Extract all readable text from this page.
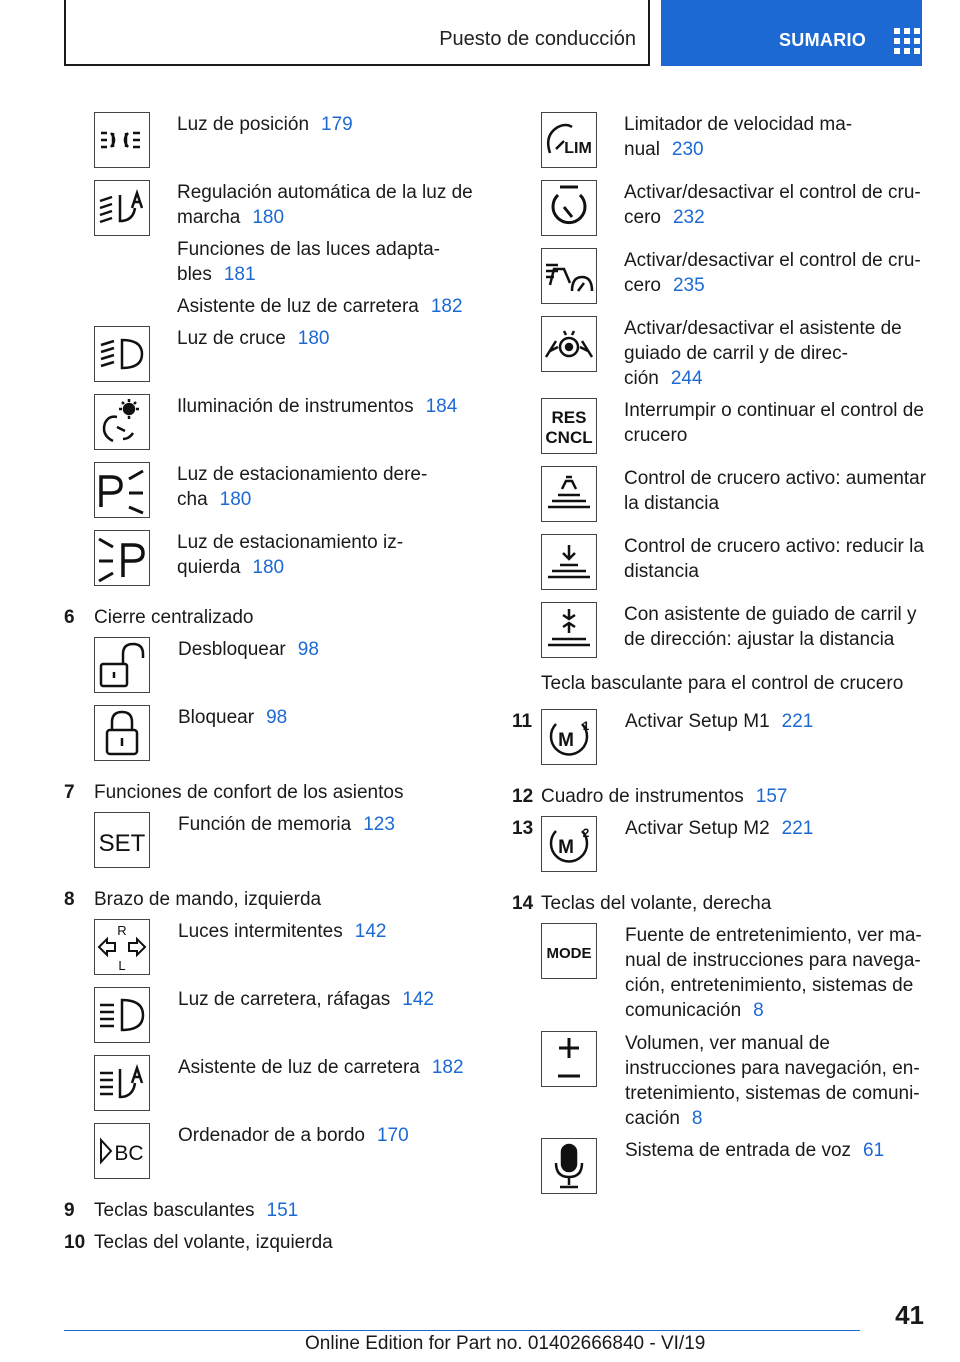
Puesto de conducción	SUMARIO
Luz de posición 179
Regulación automática de la luz de marcha 180
Funciones de las luces adapta- bles 181
Asistente de luz de carretera 182
Luz de cruce 180
Iluminación de instrumentos 184
Luz de estacionamiento dere- cha 180
Luz de estacionamiento iz- quierda 180
6 Cierre centralizado
Desbloquear 98
Bloquear 98
7 Funciones de confort de los asientos
SET
Función de memoria 123
8 Brazo de mando, izquierda
R
L
Luces intermitentes 142
Luz de carretera, ráfagas 142
Asistente de luz de carretera 182
BC
Ordenador de a bordo 170
9 Teclas basculantes 151
10 Teclas del volante, izquierda
LIM
Limitador de velocidad ma- nual 230
Activar/desactivar el control de cru- cero 232
Activar/desactivar el control de cru- cero 235
Activar/desactivar el asistente de guiado de carril y de direc- ción 244
RES
CNCL
Interrumpir o continuar el control de crucero
Control de crucero activo: aumentar la distancia
Control de crucero activo: reducir la distancia
Con asistente de guiado de carril y de dirección: ajustar la distancia
Tecla basculante para el control de crucero
11
M
1 Activar Setup M1 221
12 Cuadro de instrumentos 157
13
M
2 Activar Setup M2 221
14 Teclas del volante, derecha
MODE
Fuente de entretenimiento, ver ma- nual de instrucciones para navega- ción, entretenimiento, sistemas de comunicación 8
Volumen, ver manual de instrucciones para navegación, en- tretenimiento, sistemas de comuni- cación 8
Sistema de entrada de voz 61
41
Online Edition for Part no. 01402666840 - VI/19
